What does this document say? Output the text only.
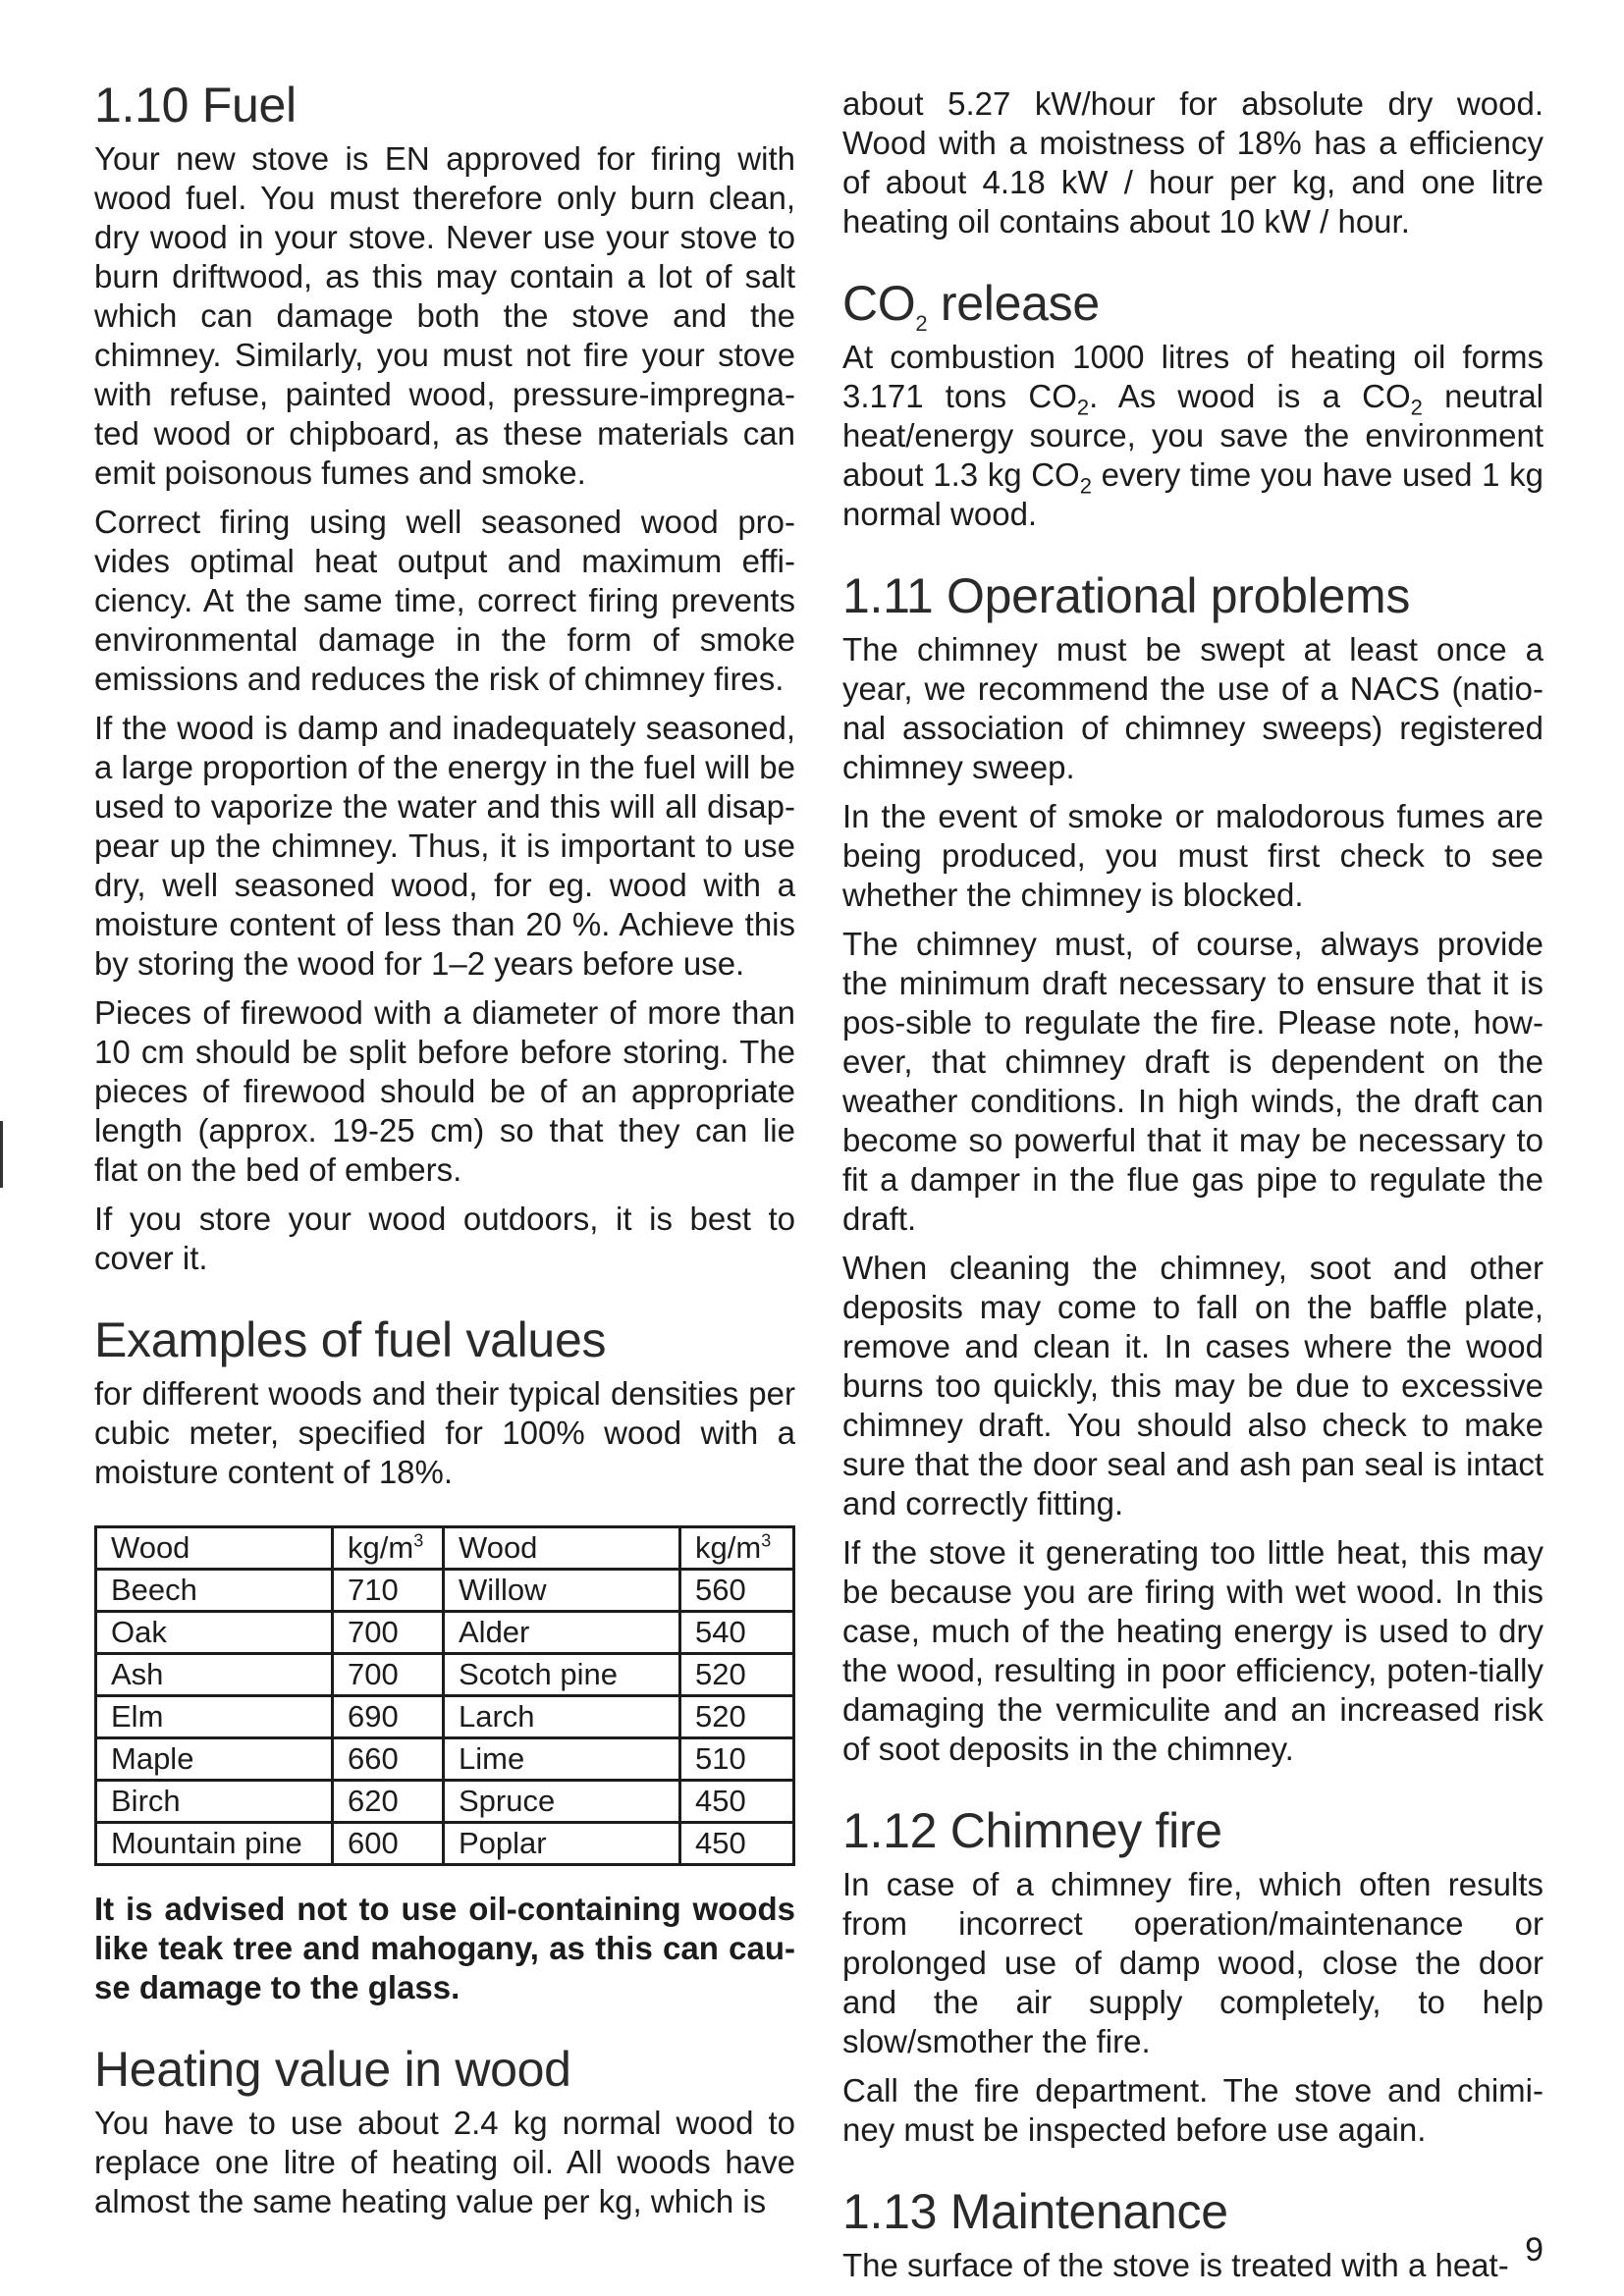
1.10 Fuel

Your new stove is EN approved for firing with wood fuel. You must therefore only burn clean, dry wood in your stove. Never use your stove to burn driftwood, as this may contain a lot of salt which can damage both the stove and the chimney. Similarly, you must not fire your stove with refuse, painted wood, pressure-impregna-ted wood or chipboard, as these materials can emit poisonous fumes and smoke.

Correct firing using well seasoned wood pro-vides optimal heat output and maximum effi-ciency. At the same time, correct firing prevents environmental damage in the form of smoke emissions and reduces the risk of chimney fires.

If the wood is damp and inadequately seasoned, a large proportion of the energy in the fuel will be used to vaporize the water and this will all disap-pear up the chimney. Thus, it is important to use dry, well seasoned wood, for eg. wood with a moisture content of less than 20 %. Achieve this by storing the wood for 1–2 years before use.

Pieces of firewood with a diameter of more than 10 cm should be split before before storing. The pieces of firewood should be of an appropriate length (approx. 19-25 cm) so that they can lie flat on the bed of embers.

If you store your wood outdoors, it is best to cover it.

Examples of fuel values

for different woods and their typical densities per cubic meter, specified for 100% wood with a moisture content of 18%.

Wood	$kg/m^3$	Wood	$kg/m^3$
Beech	710	Willow	560
Oak	700	Alder	540
Ash	700	Scotch pine	520
Elm	690	Larch	520
Maple	660	Lime	510
Birch	620	Spruce	450
Mountain pine	600	Poplar	450

It is advised not to use oil-containing woods like teak tree and mahogany, as this can cau-se damage to the glass.

Heating value in wood

You have to use about 2.4 kg normal wood to replace one litre of heating oil. All woods have almost the same heating value per kg, which is

about 5.27 kW/hour for absolute dry wood. Wood with a moistness of 18% has a efficiency of about 4.18 kW / hour per kg, and one litre heating oil contains about 10 kW / hour.

$CO_2$ release

At combustion 1000 litres of heating oil forms 3.171 tons $CO_2$. As wood is a $CO_2$ neutral heat/energy source, you save the environment about 1.3 kg $CO_2$ every time you have used 1 kg normal wood.

1.11 Operational problems

The chimney must be swept at least once a year, we recommend the use of a NACS (natio-nal association of chimney sweeps) registered chimney sweep.

In the event of smoke or malodorous fumes are being produced, you must first check to see whether the chimney is blocked.

The chimney must, of course, always provide the minimum draft necessary to ensure that it is pos-sible to regulate the fire. Please note, how-ever, that chimney draft is dependent on the weather conditions. In high winds, the draft can become so powerful that it may be necessary to fit a damper in the flue gas pipe to regulate the draft.

When cleaning the chimney, soot and other deposits may come to fall on the baffle plate, remove and clean it. In cases where the wood burns too quickly, this may be due to excessive chimney draft. You should also check to make sure that the door seal and ash pan seal is intact and correctly fitting.

If the stove it generating too little heat, this may be because you are firing with wet wood. In this case, much of the heating energy is used to dry the wood, resulting in poor efficiency, poten-tially damaging the vermiculite and an increased risk of soot deposits in the chimney.

1.12 Chimney fire

In case of a chimney fire, which often results from incorrect operation/maintenance or prolonged use of damp wood, close the door and the air supply completely, to help slow/smother the fire.

Call the fire department. The stove and chimi-ney must be inspected before use again.

1.13 Maintenance

The surface of the stove is treated with a heat- 9
